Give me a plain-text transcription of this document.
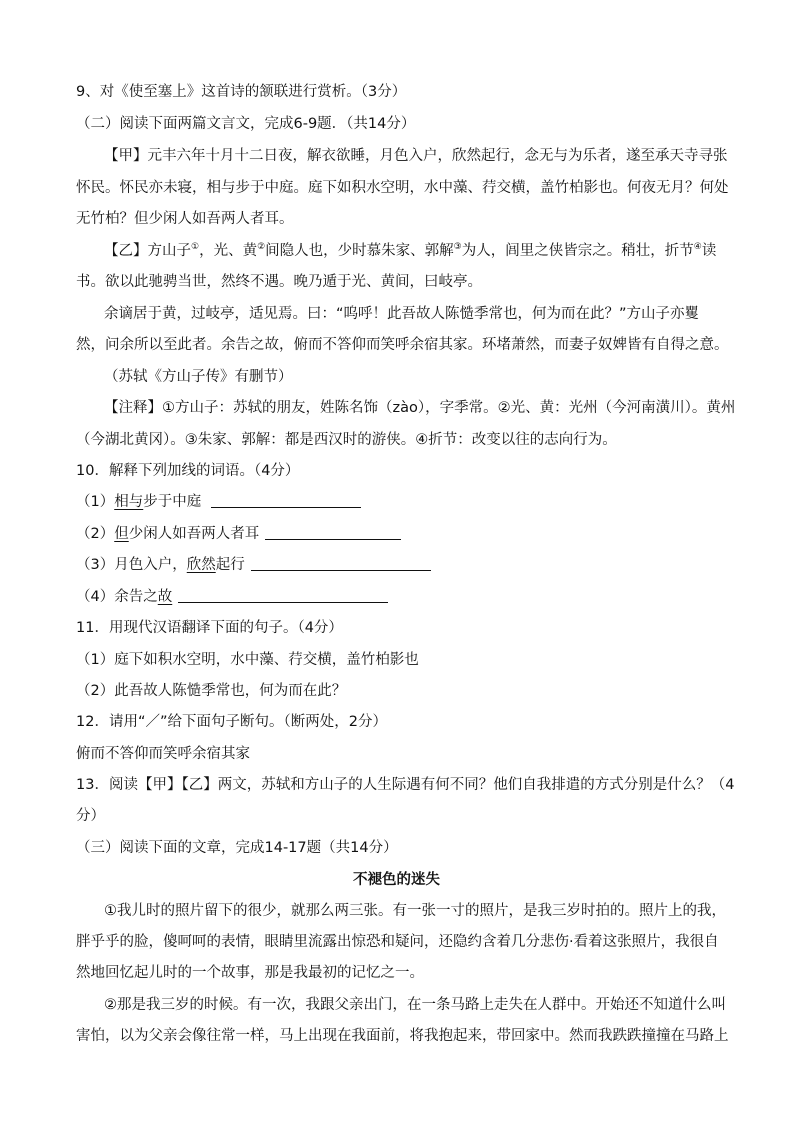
9、对《使至塞上》这首诗的颔联进行赏析。（3分）
（二）阅读下面两篇文言文，完成6-9题．（共14分）
【甲】元丰六年十月十二日夜，解衣欲睡，月色入户，欣然起行，念无与为乐者，遂至承天寺寻张
怀民。怀民亦未寝，相与步于中庭。庭下如积水空明，水中藻、荇交横，盖竹柏影也。何夜无月？何处
无竹柏？但少闲人如吾两人者耳。
【乙】方山子①，光、黄②间隐人也，少时慕朱家、郭解③为人，闾里之侠皆宗之。稍壮，折节④读
书。欲以此驰骋当世，然终不遇。晚乃遁于光、黄间，曰岐亭。
余谪居于黄，过岐亭，适见焉。曰：“呜呼！此吾故人陈慥季常也，何为而在此？”方山子亦矍
然，问余所以至此者。余告之故，俯而不答仰而笑呼余宿其家。环堵萧然，而妻子奴婢皆有自得之意。
（苏轼《方山子传》有删节）
【注释】①方山子：苏轼的朋友，姓陈名饰（zào），字季常。②光、黄：光州（今河南潢川）。黄州
（今湖北黄冈）。③朱家、郭解：都是西汉时的游侠。④折节：改变以往的志向行为。
10．解释下列加线的词语。（4分）
（1）相与步于中庭
（2）但少闲人如吾两人者耳
（3）月色入户，欣然起行
（4）余告之故
11．用现代汉语翻译下面的句子。（4分）
（1）庭下如积水空明，水中藻、荇交横，盖竹柏影也
（2）此吾故人陈慥季常也，何为而在此？
12．请用“／”给下面句子断句。（断两处，2分）
俯而不答仰而笑呼余宿其家
13．阅读【甲】【乙】两文，苏轼和方山子的人生际遇有何不同？他们自我排遣的方式分别是什么？（4
分）
（三）阅读下面的文章，完成14-17题（共14分）
不褪色的迷失
①我儿时的照片留下的很少，就那么两三张。有一张一寸的照片，是我三岁时拍的。照片上的我，
胖乎乎的脸，傻呵呵的表情，眼睛里流露出惊恐和疑问，还隐约含着几分悲伤·看着这张照片，我很自
然地回忆起儿时的一个故事，那是我最初的记忆之一。
②那是我三岁的时候。有一次，我跟父亲出门，在一条马路上走失在人群中。开始还不知道什么叫
害怕，以为父亲会像往常一样，马上出现在我面前，将我抱起来，带回家中。然而我跌跌撞撞在马路上
